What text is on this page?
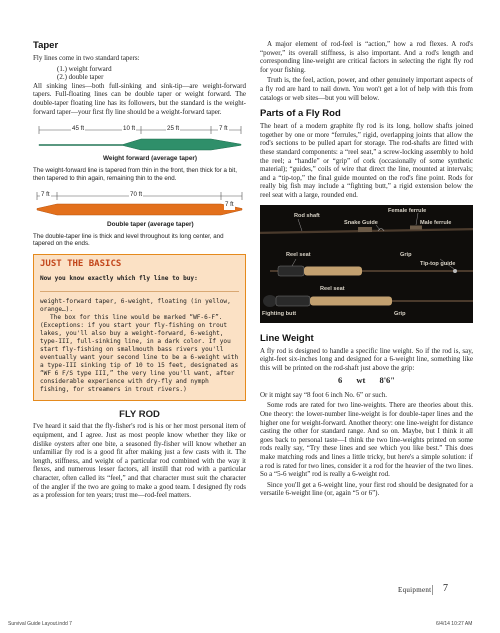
Taper

Fly lines come in two standard tapers:

(1.) weight forward
(2.) double taper

All sinking lines—both full-sinking and sink-tip—are weight-forward tapers. Full-floating lines can be double taper or weight forward. The double-taper floating line has its followers, but the standard is the weight-forward taper—your first fly line should be a weight-forward taper.

45 ft	10 ft	25 ft	7 ft
Weight forward (average taper)
The weight-forward line is tapered from thin in the front, then thick for a bit, then tapered to thin again, remaining thin to the end.
7 ft	70 ft
7 ft
Double taper (average taper)
The double-taper line is thick and level throughout its long center, and tapered on the ends.
JUST THE BASICS
Now you know exactly which fly line to buy:

weight-forward taper, 6-weight, floating (in yellow, orange…).

The box for this line would be marked “WF-6-F”. (Exceptions: if you start your fly-fishing on trout lakes, you'll also buy a weight-forward, 6-weight, type-III, full-sinking line, in a dark color. If you start fly-fishing on smallmouth bass rivers you'll eventually want your second line to be a 6-weight with a type-III sinking tip of 10 to 15 feet, designated as “WF 6 F/S type III,” the very line you'll want, after considerable experience with dry-fly and nymph fishing, for streamers in trout rivers.)

FLY ROD

I've heard it said that the fly-fisher's rod is his or her most personal item of equipment, and I agree. Just as most people know whether they like or dislike oysters after one bite, a seasoned fly-fisher will know whether an unfamiliar fly rod is a good fit after making just a few casts with it. The length, stiffness, and weight of a particular rod combined with the way it flexes, and numerous lesser factors, all instill that rod with a particular character, often called its “feel,” and that character must suit the character of the angler if the two are going to make a good team. I designed fly rods as a profession for ten years; trust me—rod-feel matters.

A major element of rod-feel is “action,” how a rod flexes. A rod's “power,” its overall stiffness, is also important. And a rod's length and corresponding line-weight are critical factors in selecting the right fly rod for your fishing.

Truth is, the feel, action, power, and other genuinely important aspects of a fly rod are hard to nail down. You won't get a lot of help with this from catalogs or web sites—but you will below.

Parts of a Fly Rod

The heart of a modern graphite fly rod is its long, hollow shafts joined together by one or more “ferrules,” rigid, overlapping joints that allow the rod's sections to be pulled apart for storage. The rod-shafts are fitted with these standard components: a “reel seat,” a screw-locking assembly to hold the reel; a “handle” or “grip” of cork (occasionally of some synthetic material); “guides,” coils of wire that direct the line, mounted at intervals; and a “tip-top,” the final guide mounted on the rod's fine point. Rods for really big fish may include a “fighting butt,” a rigid extension below the reel seat with a large, rounded end.

Rod shaft
Female ferrule
Snake Guide	Male ferrule
Reel seat	Grip
Tip-top guide
Reel seat
Fighting butt	Grip
Line Weight

A fly rod is designed to handle a specific line weight. So if the rod is, say, eight-feet six-inches long and designed for a 6-weight line, something like this will be printed on the rod-shaft just above the grip:

6 wt 8'6"

Or it might say “8 foot 6 inch No. 6” or such.

Some rods are rated for two line-weights. There are theories about this. One theory: the lower-number line-weight is for double-taper lines and the higher one for weight-forward. Another theory: one line-weight for distance casting the other for standard range. And so on. Maybe, but I think it all goes back to personal taste—I think the two line-weights printed on some rods really say, “Try these lines and see which you like best.” This does make matching rods and lines a little tricky, but here's a simple solution: if a rod is rated for two lines, consider it a rod for the heavier of the two lines. So a “5-6 weight” rod is really a 6-weight rod.

Since you'll get a 6-weight line, your first rod should be designated for a versatile 6-weight line (or, again “5 or 6”).

Equipment 7
Survival Guide Layout.indd 7	6/4/14 10:27 AM
